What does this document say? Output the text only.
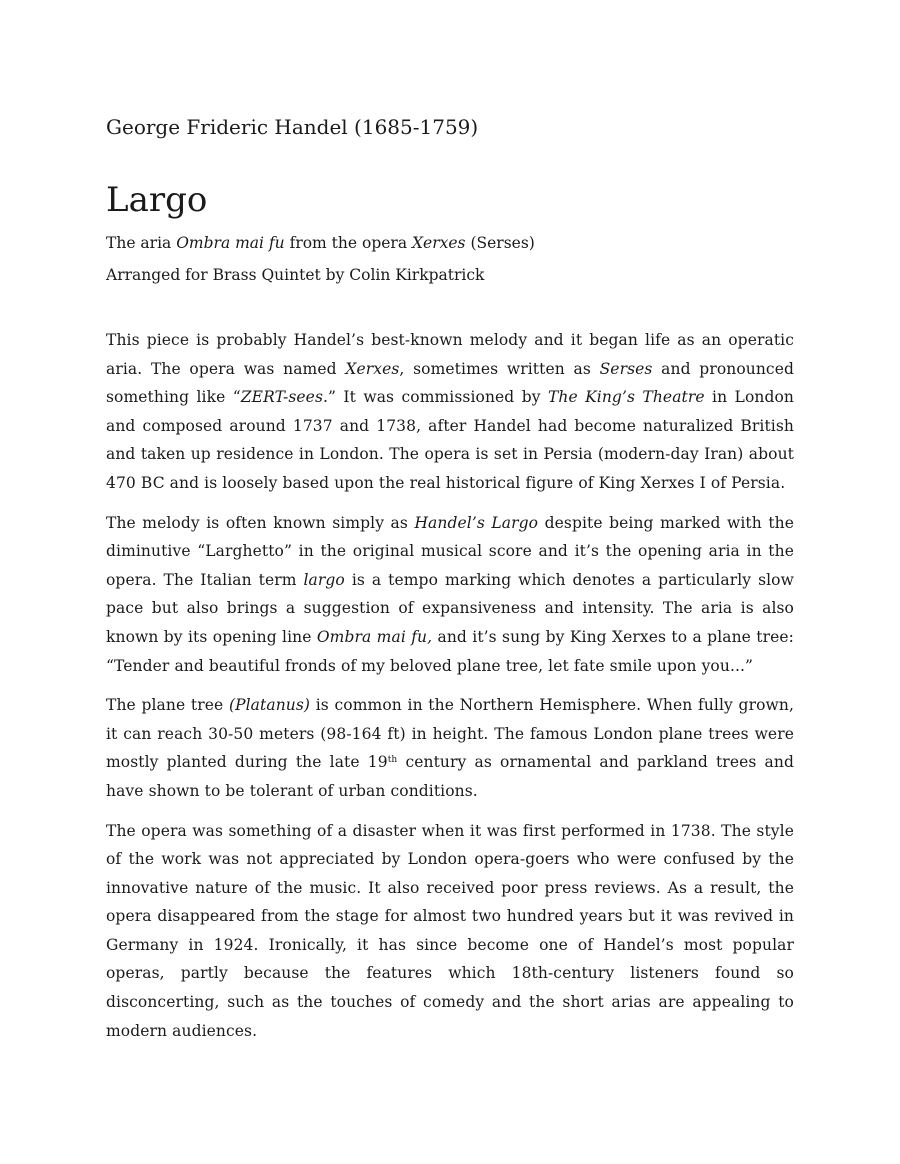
George Frideric Handel (1685-1759)
Largo
The aria Ombra mai fu from the opera Xerxes (Serses)
Arranged for Brass Quintet by Colin Kirkpatrick

This piece is probably Handel’s best-known melody and it began life as an operatic aria. The opera was named Xerxes, sometimes written as Serses and pronounced something like “ZERT-sees.” It was commissioned by The King’s Theatre in London and composed around 1737 and 1738, after Handel had become naturalized British and taken up residence in London. The opera is set in Persia (modern-day Iran) about 470 BC and is loosely based upon the real historical figure of King Xerxes I of Persia.

The melody is often known simply as Handel’s Largo despite being marked with the diminutive “Larghetto” in the original musical score and it’s the opening aria in the opera. The Italian term largo is a tempo marking which denotes a particularly slow pace but also brings a suggestion of expansiveness and intensity. The aria is also known by its opening line Ombra mai fu, and it’s sung by King Xerxes to a plane tree: “Tender and beautiful fronds of my beloved plane tree, let fate smile upon you...”

The plane tree (Platanus) is common in the Northern Hemisphere. When fully grown, it can reach 30-50 meters (98-164 ft) in height. The famous London plane trees were mostly planted during the late 19th century as ornamental and parkland trees and have shown to be tolerant of urban conditions.

The opera was something of a disaster when it was first performed in 1738. The style of the work was not appreciated by London opera-goers who were confused by the innovative nature of the music. It also received poor press reviews. As a result, the opera disappeared from the stage for almost two hundred years but it was revived in Germany in 1924. Ironically, it has since become one of Handel’s most popular operas, partly because the features which 18th-century listeners found so disconcerting, such as the touches of comedy and the short arias are appealing to modern audiences.
